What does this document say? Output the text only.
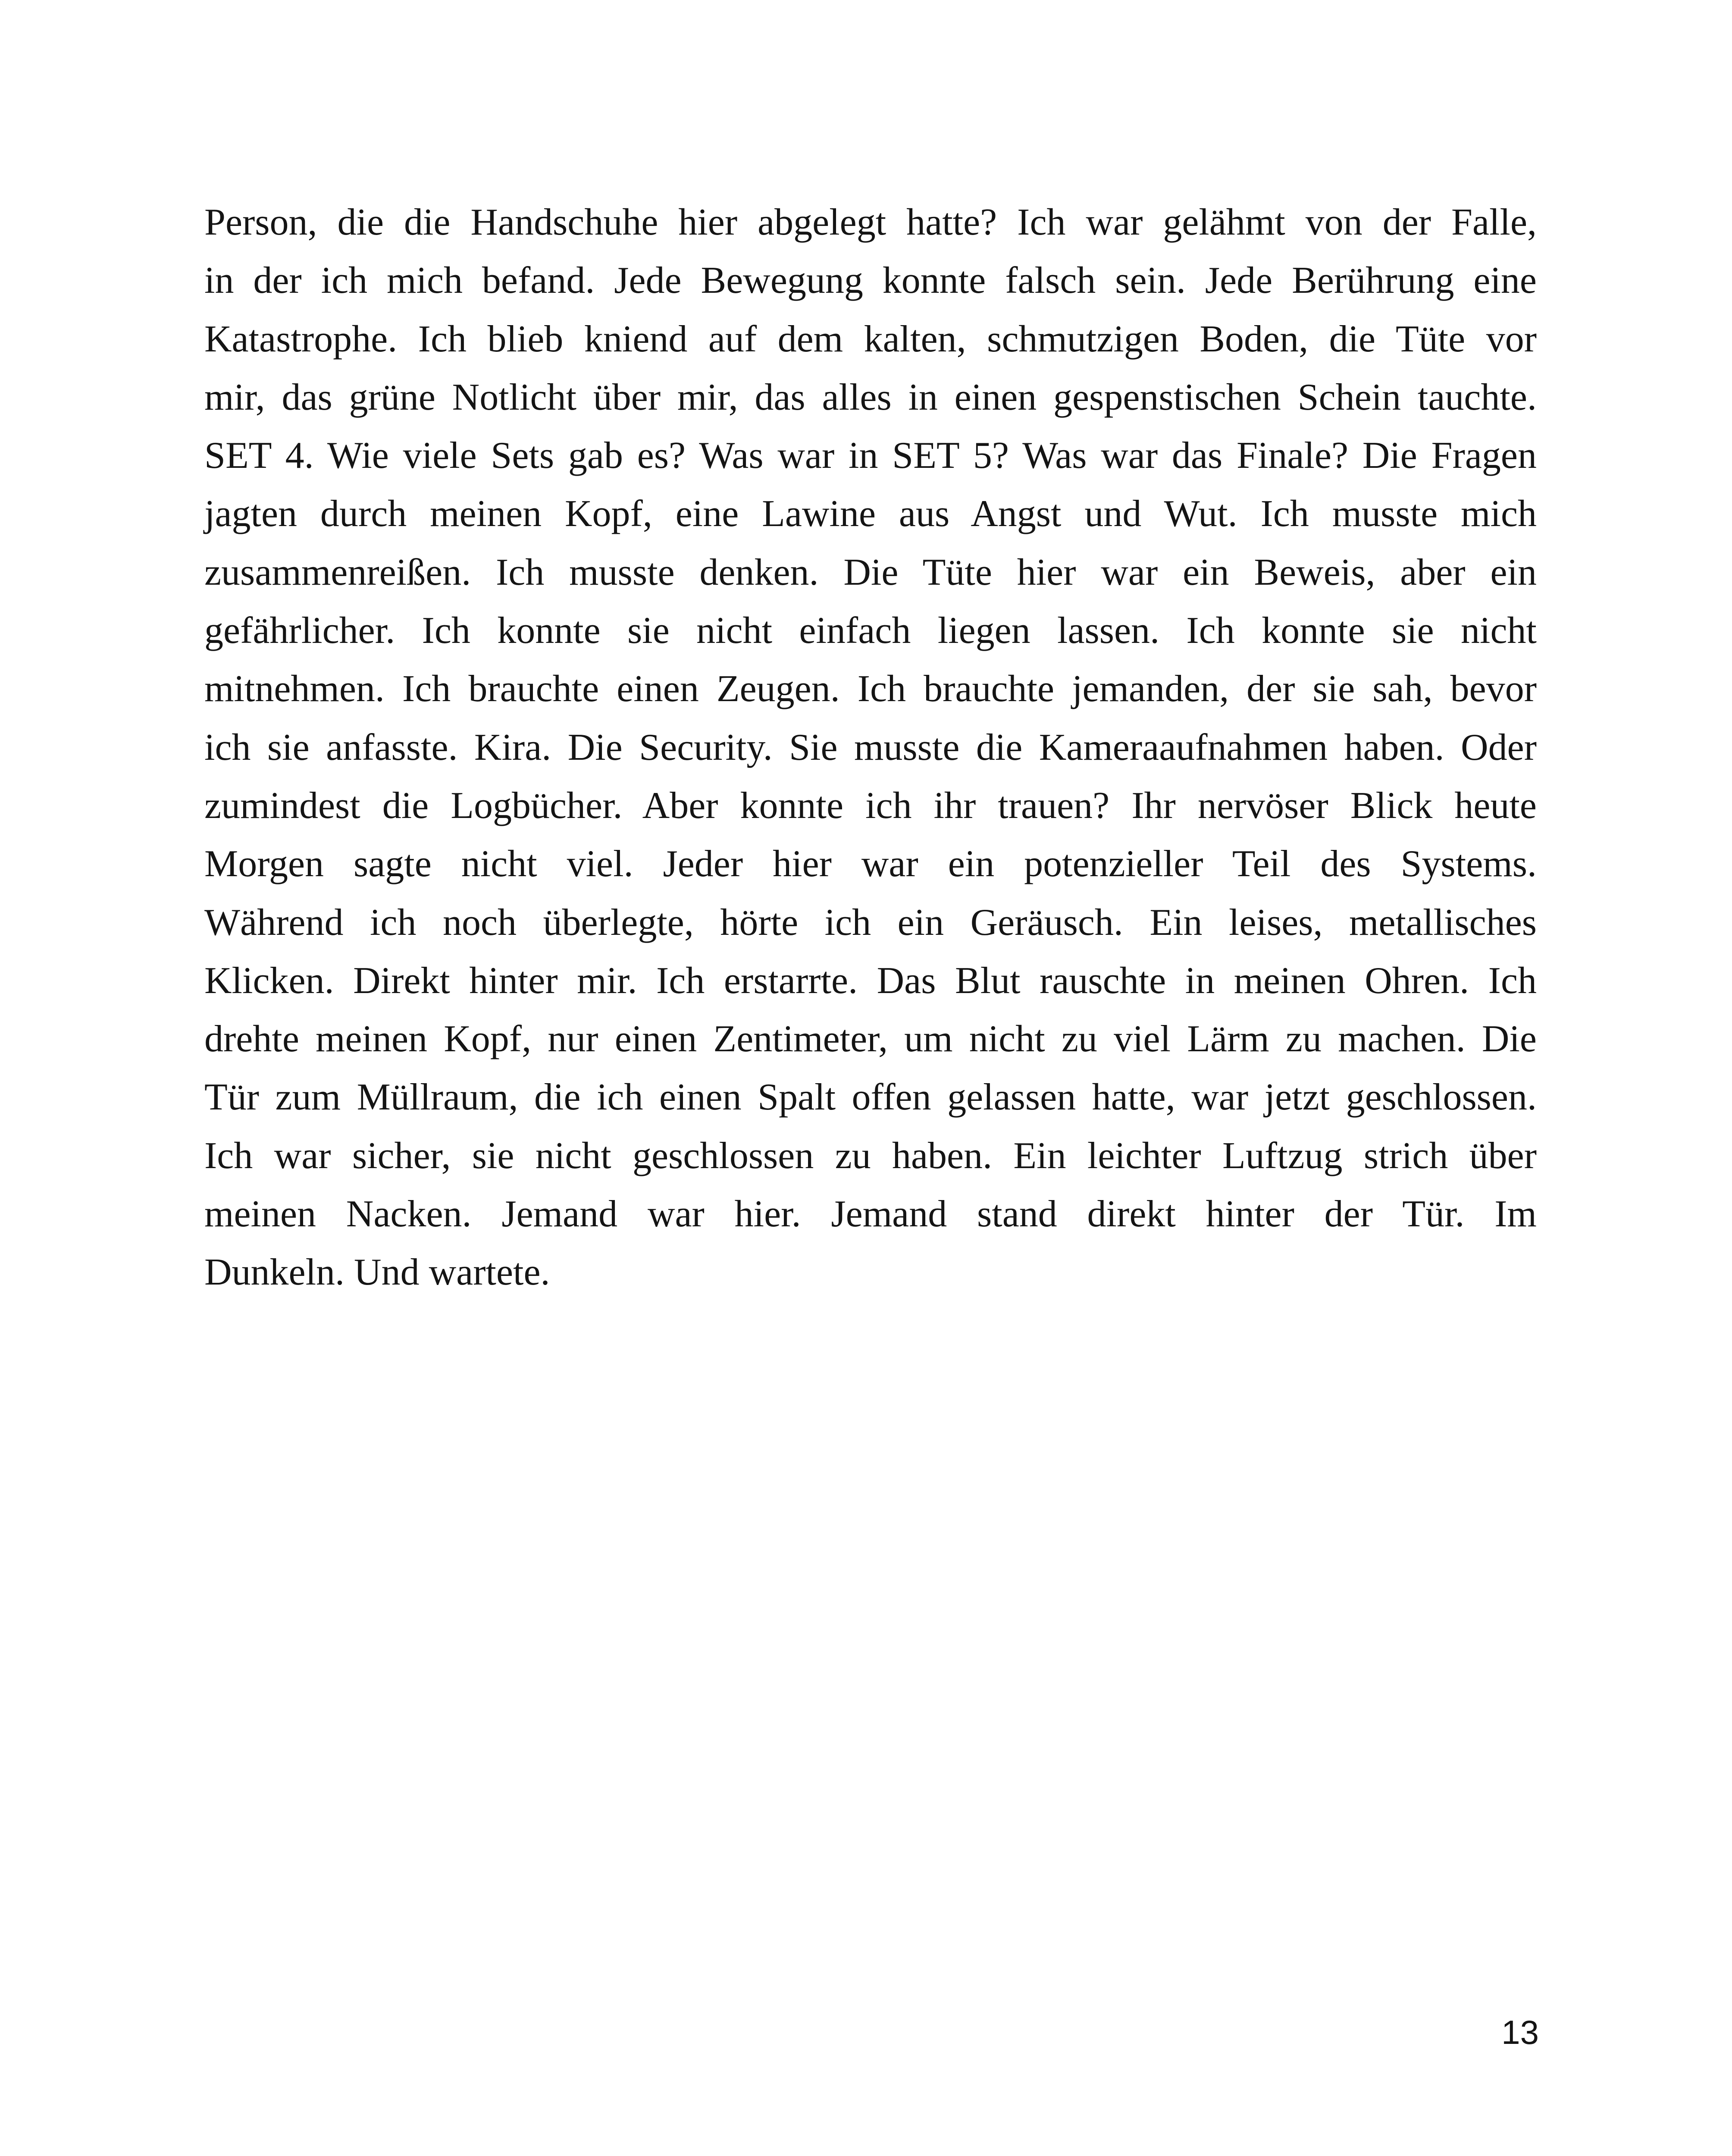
Person, die die Handschuhe hier abgelegt hatte? Ich war gelähmt von der Falle,
in der ich mich befand. Jede Bewegung konnte falsch sein. Jede Berührung eine
Katastrophe. Ich blieb kniend auf dem kalten, schmutzigen Boden, die Tüte vor
mir, das grüne Notlicht über mir, das alles in einen gespenstischen Schein tauchte.
SET 4. Wie viele Sets gab es? Was war in SET 5? Was war das Finale? Die Fragen
jagten durch meinen Kopf, eine Lawine aus Angst und Wut. Ich musste mich
zusammenreißen. Ich musste denken. Die Tüte hier war ein Beweis, aber ein
gefährlicher. Ich konnte sie nicht einfach liegen lassen. Ich konnte sie nicht
mitnehmen. Ich brauchte einen Zeugen. Ich brauchte jemanden, der sie sah, bevor
ich sie anfasste. Kira. Die Security. Sie musste die Kameraaufnahmen haben. Oder
zumindest die Logbücher. Aber konnte ich ihr trauen? Ihr nervöser Blick heute
Morgen sagte nicht viel. Jeder hier war ein potenzieller Teil des Systems.
Während ich noch überlegte, hörte ich ein Geräusch. Ein leises, metallisches
Klicken. Direkt hinter mir. Ich erstarrte. Das Blut rauschte in meinen Ohren. Ich
drehte meinen Kopf, nur einen Zentimeter, um nicht zu viel Lärm zu machen. Die
Tür zum Müllraum, die ich einen Spalt offen gelassen hatte, war jetzt geschlossen.
Ich war sicher, sie nicht geschlossen zu haben. Ein leichter Luftzug strich über
meinen Nacken. Jemand war hier. Jemand stand direkt hinter der Tür. Im
Dunkeln. Und wartete.
13
